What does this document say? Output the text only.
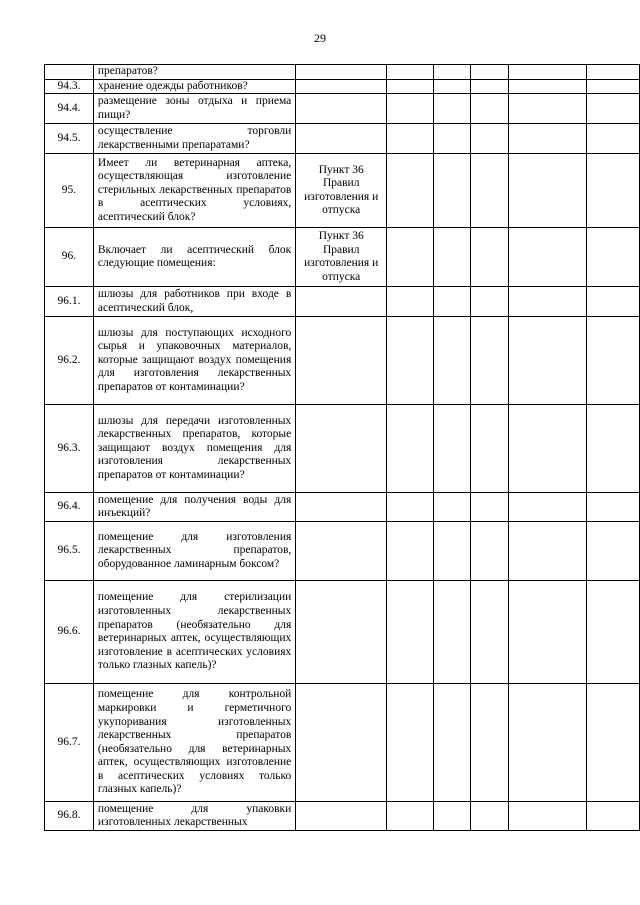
29
	препаратов?						
94.3.	хранение одежды работников?						
94.4.	размещение зоны отдыха и приема пищи?						
94.5.	осуществление торговли лекарственными препаратами?						
95.	Имеет ли ветеринарная аптека, осуществляющая изготовление стерильных лекарственных препаратов в асептических условиях, асептический блок?	Пункт 36 Правил изготовления и отпуска					
96.	Включает ли асептический блок следующие помещения:	Пункт 36 Правил изготовления и отпуска					
96.1.	шлюзы для работников при входе в асептический блок,						
96.2.	шлюзы для поступающих исходного сырья и упаковочных материалов, которые защищают воздух помещения для изготовления лекарственных препаратов от контаминации?						
96.3.	шлюзы для передачи изготовленных лекарственных препаратов, которые защищают воздух помещения для изготовления лекарственных препаратов от контаминации?						
96.4.	помещение для получения воды для инъекций?						
96.5.	помещение для изготовления лекарственных препаратов, оборудованное ламинарным боксом?						
96.6.	помещение для стерилизации изготовленных лекарственных препаратов (необязательно для ветеринарных аптек, осуществляющих изготовление в асептических условиях только глазных капель)?						
96.7.	помещение для контрольной маркировки и герметичного укупоривания изготовленных лекарственных препаратов (необязательно для ветеринарных аптек, осуществляющих изготовление в асептических условиях только глазных капель)?						
96.8.	помещение для упаковки изготовленных лекарственных						
